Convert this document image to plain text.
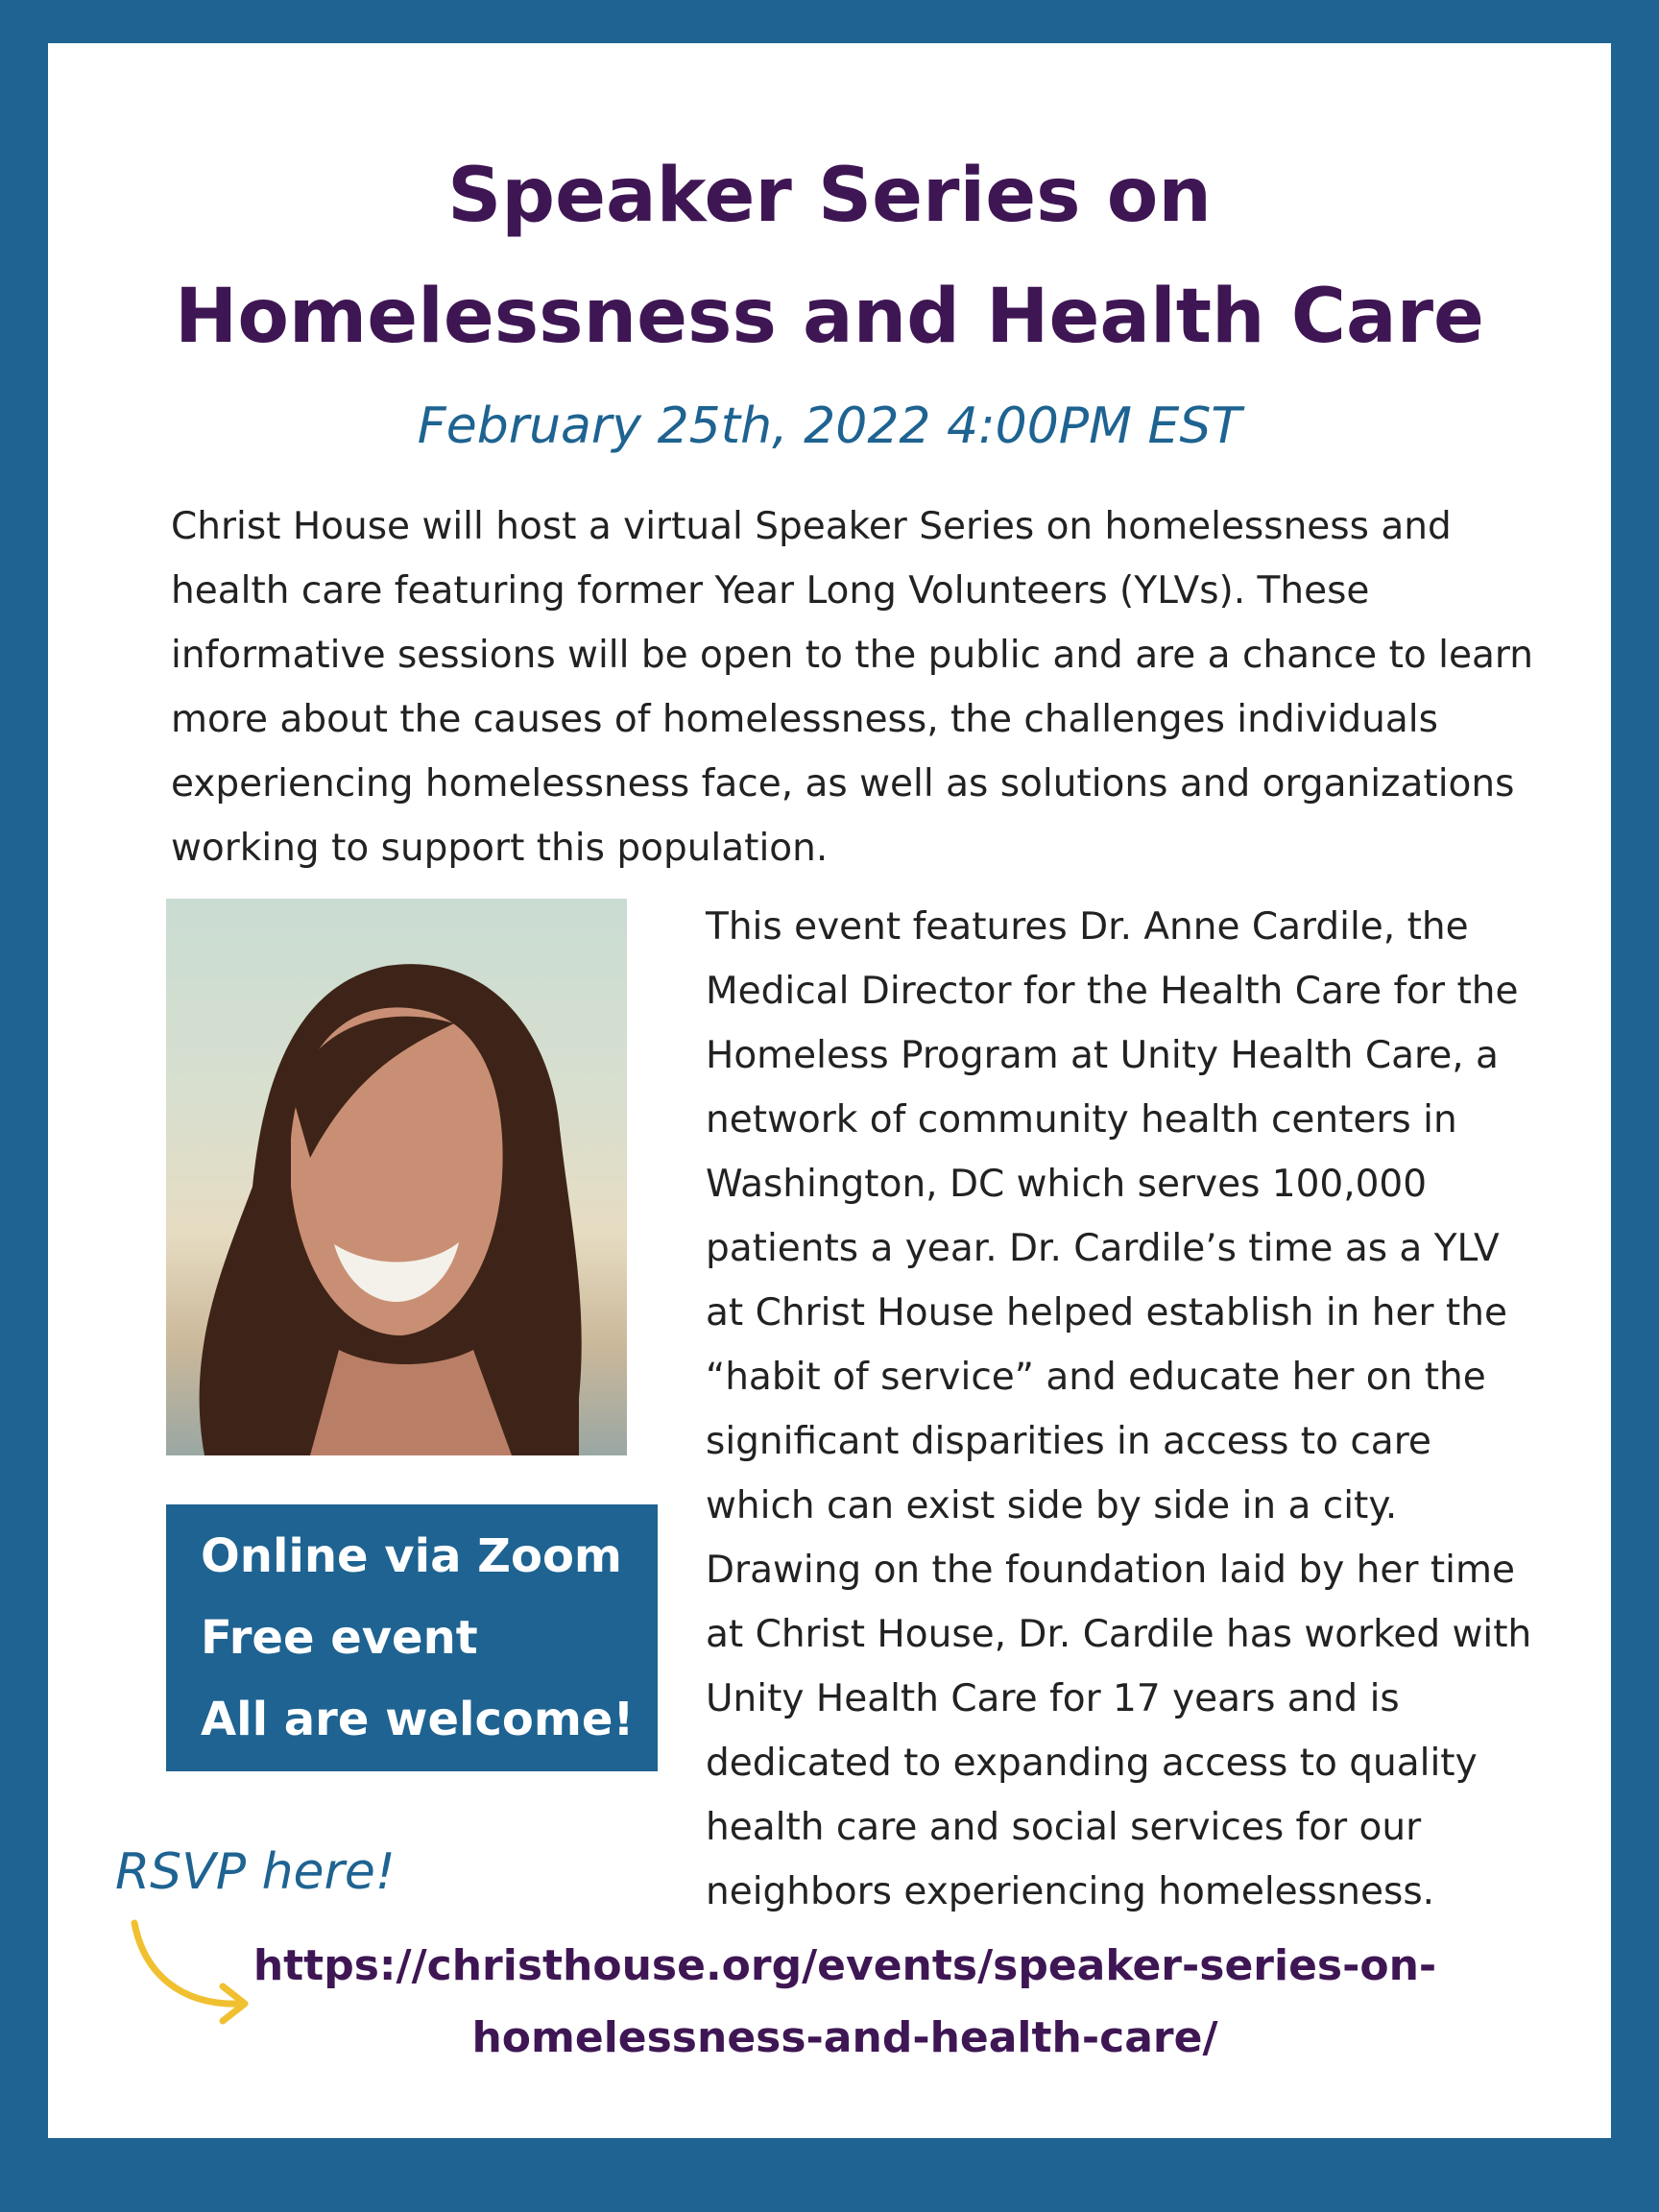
Speaker Series on
Homelessness and Health Care
February 25th, 2022 4:00PM EST

Christ House will host a virtual Speaker Series on homelessness and
health care featuring former Year Long Volunteers (YLVs). These
informative sessions will be open to the public and are a chance to learn
more about the causes of homelessness, the challenges individuals
experiencing homelessness face, as well as solutions and organizations
working to support this population.

Online via Zoom
Free event
All are welcome!

This event features Dr. Anne Cardile, the
Medical Director for the Health Care for the
Homeless Program at Unity Health Care, a
network of community health centers in
Washington, DC which serves 100,000
patients a year. Dr. Cardile’s time as a YLV
at Christ House helped establish in her the
“habit of service” and educate her on the
significant disparities in access to care
which can exist side by side in a city.
Drawing on the foundation laid by her time
at Christ House, Dr. Cardile has worked with
Unity Health Care for 17 years and is
dedicated to expanding access to quality
health care and social services for our
neighbors experiencing homelessness.

RSVP here!
https://christhouse.org/events/speaker-series-on-
homelessness-and-health-care/
